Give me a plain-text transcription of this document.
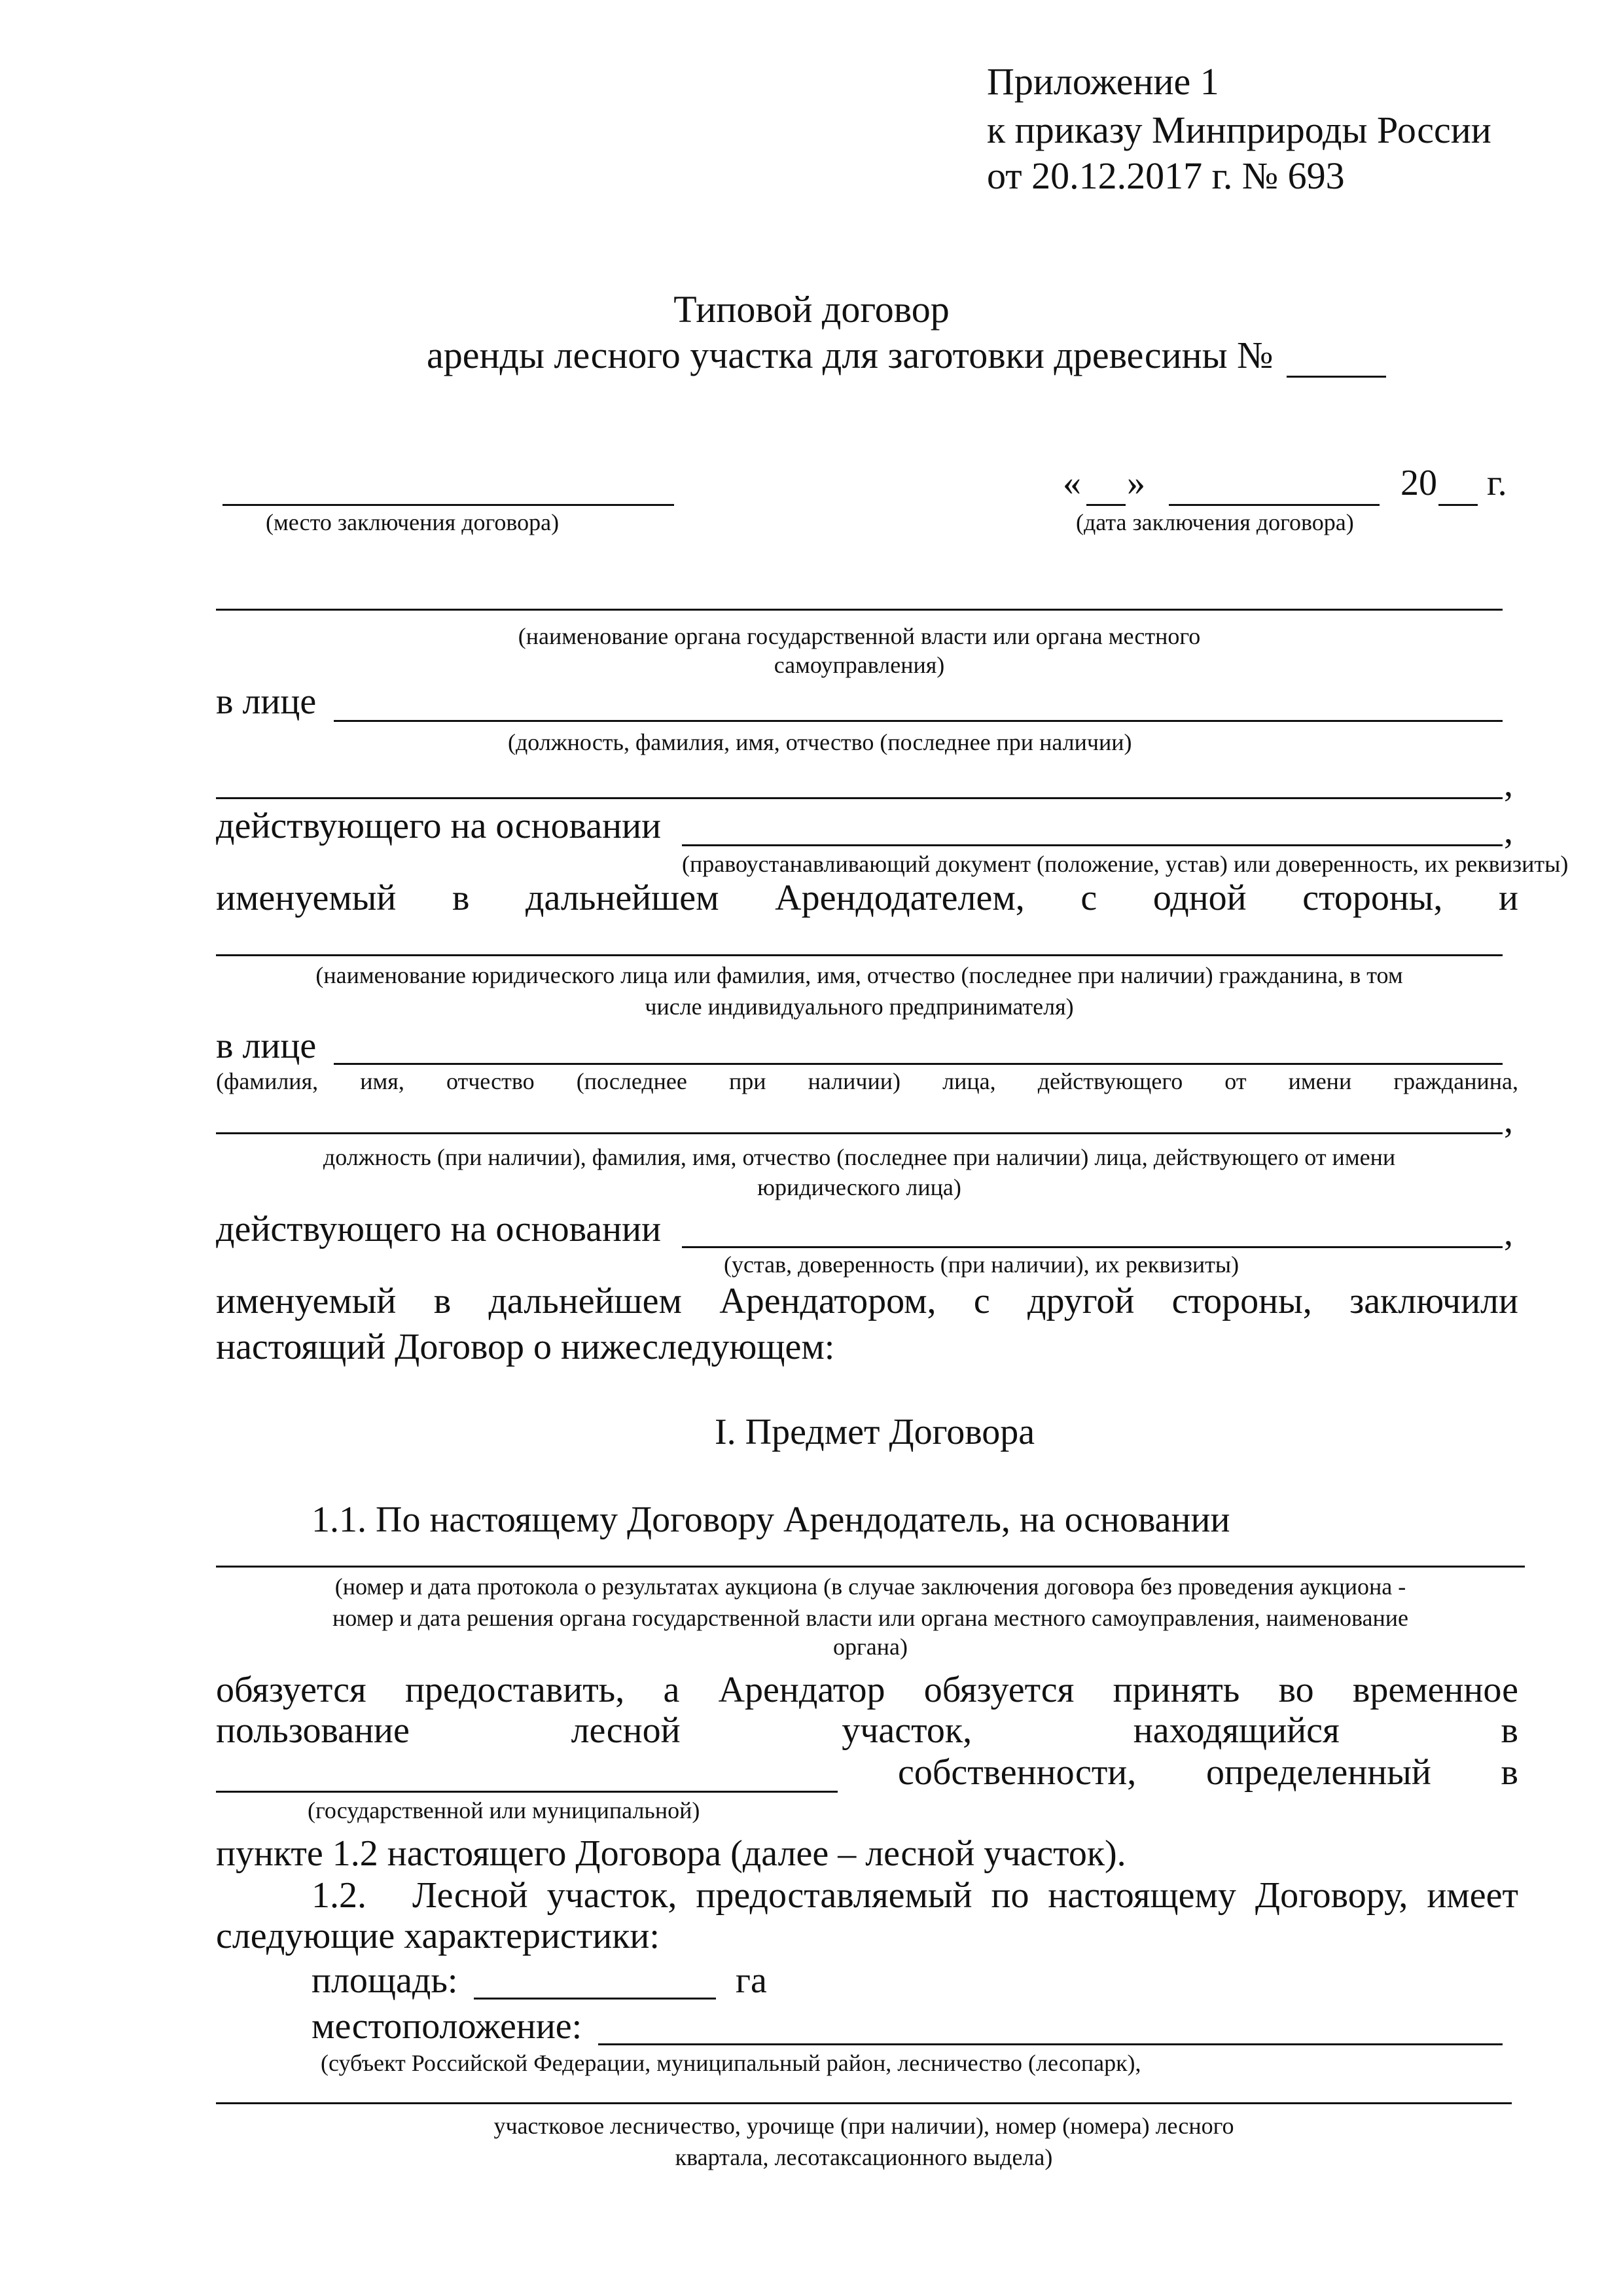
Приложение 1
к приказу Минприроды России
от 20.12.2017 г. № 693
Типовой договор
аренды лесного участка для заготовки древесины №
« »	20 г.
(место заключения договора)	(дата заключения договора)
(наименование органа государственной власти или органа местного
самоуправления)
в лице
(должность, фамилия, имя, отчество (последнее при наличии)
,
действующего на основании	,
(правоустанавливающий документ (положение, устав) или доверенность, их реквизиты)
именуемый в дальнейшем Арендодателем, с одной стороны, и
(наименование юридического лица или фамилия, имя, отчество (последнее при наличии) гражданина, в том
числе индивидуального предпринимателя)
в лице
(фамилия, имя, отчество (последнее при наличии) лица, действующего от имени гражданина,
,
должность (при наличии), фамилия, имя, отчество (последнее при наличии) лица, действующего от имени
юридического лица)
действующего на основании	,
(устав, доверенность (при наличии), их реквизиты)
именуемый в дальнейшем Арендатором, с другой стороны, заключили
настоящий Договор о нижеследующем:
I. Предмет Договора
1.1. По настоящему Договору Арендодатель, на основании
(номер и дата протокола о результатах аукциона (в случае заключения договора без проведения аукциона -
номер и дата решения органа государственной власти или органа местного самоуправления, наименование
органа)
обязуется предоставить, а Арендатор обязуется принять во временное
пользование	лесной	участок,	находящийся	в
собственности, определенный в
(государственной или муниципальной)
пункте 1.2 настоящего Договора (далее – лесной участок).
1.2. Лесной участок, предоставляемый по настоящему Договору, имеет
следующие характеристики:
площадь:	га
местоположение:
(субъект Российской Федерации, муниципальный район, лесничество (лесопарк),
участковое лесничество, урочище (при наличии), номер (номера) лесного
квартала, лесотаксационного выдела)
